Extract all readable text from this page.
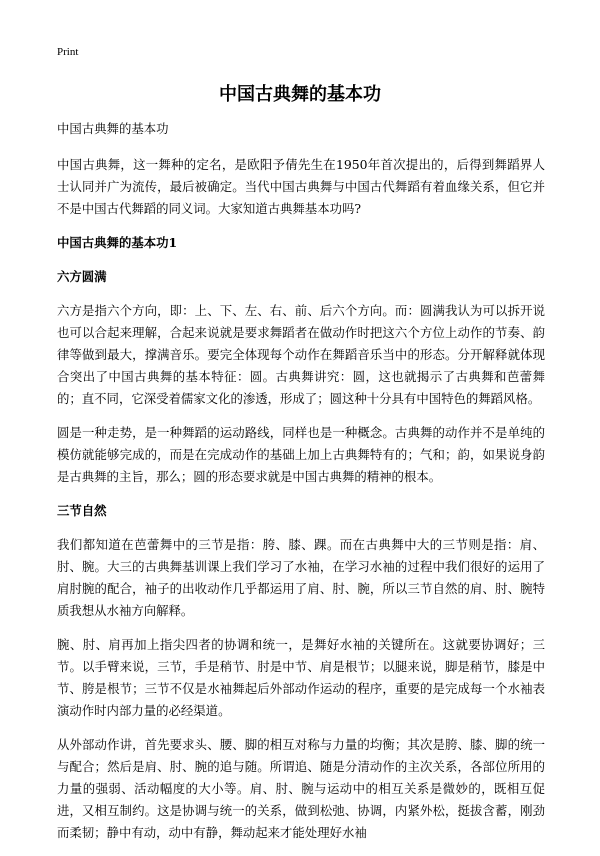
Print
中国古典舞的基本功

中国古典舞的基本功

中国古典舞，这一舞种的定名，是欧阳予倩先生在1950年首次提出的，后得到舞蹈界人士认同并广为流传，最后被确定。当代中国古典舞与中国古代舞蹈有着血缘关系，但它并不是中国古代舞蹈的同义词。大家知道古典舞基本功吗?

中国古典舞的基本功1

六方圆满

六方是指六个方向，即：上、下、左、右、前、后六个方向。而：圆满我认为可以拆开说也可以合起来理解，合起来说就是要求舞蹈者在做动作时把这六个方位上动作的节奏、韵律等做到最大，撑满音乐。要完全体现每个动作在舞蹈音乐当中的形态。分开解释就体现合突出了中国古典舞的基本特征：圆。古典舞讲究：圆，这也就揭示了古典舞和芭蕾舞的；直不同，它深受着儒家文化的渗透，形成了；圆这种十分具有中国特色的舞蹈风格。

圆是一种走势，是一种舞蹈的运动路线，同样也是一种概念。古典舞的动作并不是单纯的模仿就能够完成的，而是在完成动作的基础上加上古典舞特有的；气和；韵，如果说身韵是古典舞的主旨，那么；圆的形态要求就是中国古典舞的精神的根本。

三节自然

我们都知道在芭蕾舞中的三节是指：胯、膝、踝。而在古典舞中大的三节则是指：肩、肘、腕。大三的古典舞基训课上我们学习了水袖，在学习水袖的过程中我们很好的运用了肩肘腕的配合，袖子的出收动作几乎都运用了肩、肘、腕，所以三节自然的肩、肘、腕特质我想从水袖方向解释。

腕、肘、肩再加上指尖四者的协调和统一，是舞好水袖的关键所在。这就要协调好；三节。以手臂来说，三节，手是稍节、肘是中节、肩是根节；以腿来说，脚是稍节，膝是中节、胯是根节；三节不仅是水袖舞起后外部动作运动的程序，重要的是完成每一个水袖表演动作时内部力量的必经渠道。

从外部动作讲，首先要求头、腰、脚的相互对称与力量的均衡；其次是胯、膝、脚的统一与配合；然后是肩、肘、腕的追与随。所谓追、随是分清动作的主次关系，各部位所用的力量的强弱、活动幅度的大小等。肩、肘、腕与运动中的相互关系是微妙的，既相互促进，又相互制约。这是协调与统一的关系，做到松弛、协调，内紧外松，挺拔含蓄，刚劲而柔韧；静中有动，动中有静，舞动起来才能处理好水袖
